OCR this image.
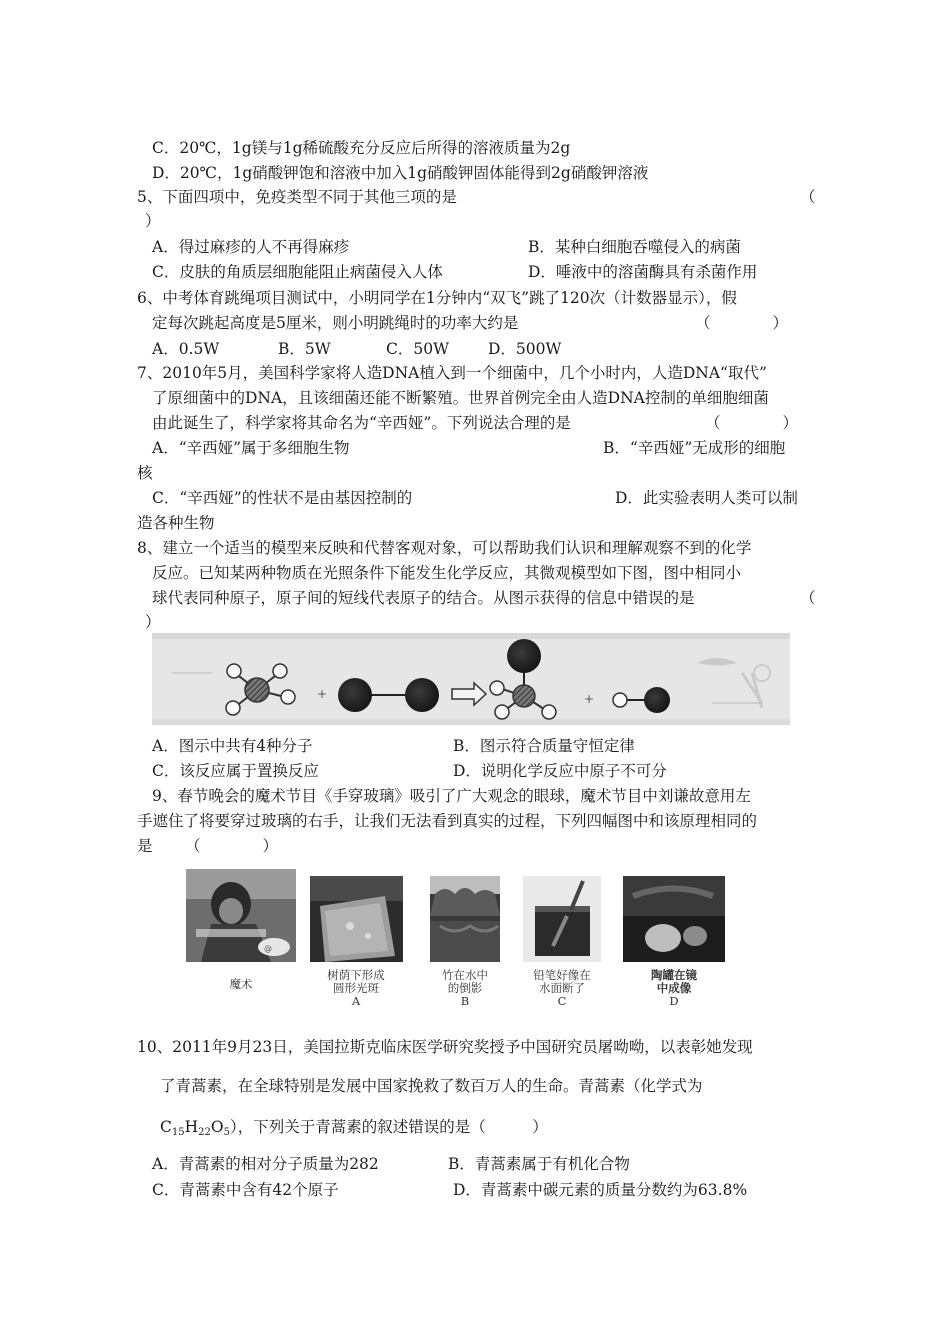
C．20℃，1g镁与1g稀硫酸充分反应后所得的溶液质量为2g
D．20℃，1g硝酸钾饱和溶液中加入1g硝酸钾固体能得到2g硝酸钾溶液
5、下面四项中，免疫类型不同于其他三项的是	（
）
A．得过麻疹的人不再得麻疹	B．某种白细胞吞噬侵入的病菌
C．皮肤的角质层细胞能阻止病菌侵入人体	D．唾液中的溶菌酶具有杀菌作用
6、中考体育跳绳项目测试中，小明同学在1分钟内“双飞”跳了120次（计数器显示），假
定每次跳起高度是5厘米，则小明跳绳时的功率大约是	（　　　　）
A．0.5W	B．5W	C．50W	D．500W
7、2010年5月，美国科学家将人造DNA植入到一个细菌中，几个小时内，人造DNA“取代”
了原细菌中的DNA，且该细菌还能不断繁殖。世界首例完全由人造DNA控制的单细胞细菌
由此诞生了，科学家将其命名为“辛西娅”。下列说法合理的是	（　　　　）
A．“辛西娅”属于多细胞生物	B．“辛西娅”无成形的细胞
核
C．“辛西娅”的性状不是由基因控制的	D．此实验表明人类可以制
造各种生物
8、建立一个适当的模型来反映和代替客观对象，可以帮助我们认识和理解观察不到的化学
反应。已知某两种物质在光照条件下能发生化学反应，其微观模型如下图，图中相同小
球代表同种原子，原子间的短线代表原子的结合。从图示获得的信息中错误的是	（
）
+	+
A．图示中共有4种分子	B．图示符合质量守恒定律
C．该反应属于置换反应	D．说明化学反应中原子不可分
9、春节晚会的魔术节目《手穿玻璃》吸引了广大观念的眼球，魔术节目中刘谦故意用左
手遮住了将要穿过玻璃的右手，让我们无法看到真实的过程，下列四幅图中和该原理相同的
是 （　　　　）
@
魔术
树荫下形成
圆形光斑
A
竹在水中
的倒影
B
铅笔好像在
水面断了
C
陶罐在镜
中成像
D
10、2011年9月23日，美国拉斯克临床医学研究奖授予中国研究员屠呦呦，以表彰她发现
了青蒿素，在全球特别是发展中国家挽救了数百万人的生命。青蒿素（化学式为
$C_{15}H_{22}O_5$），下列关于青蒿素的叙述错误的是（　　　）
A．青蒿素的相对分子质量为282	B．青蒿素属于有机化合物
C．青蒿素中含有42个原子	D．青蒿素中碳元素的质量分数约为63.8%
